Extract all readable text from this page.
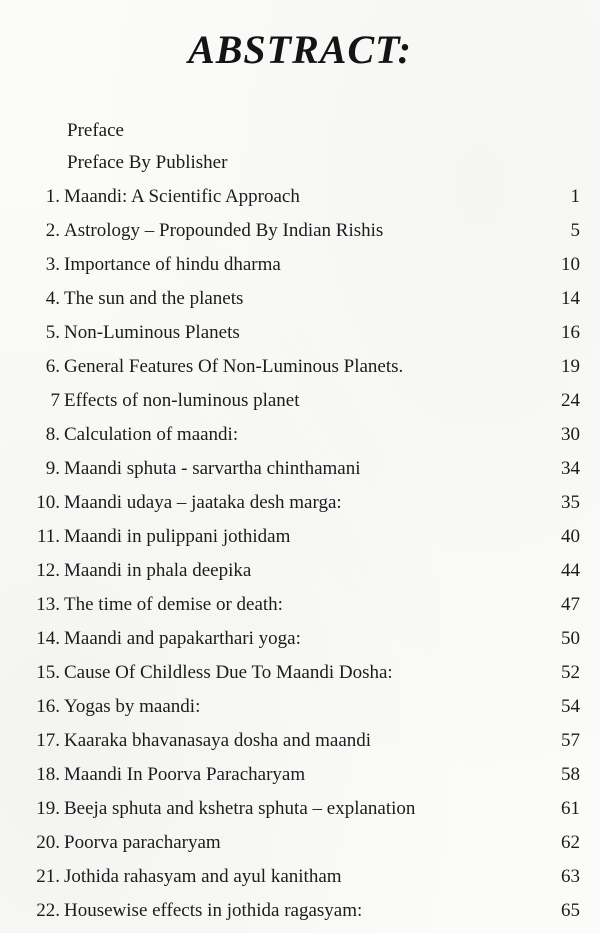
ABSTRACT:
Preface
Preface By Publisher
1. Maandi: A Scientific Approach	1
2. Astrology – Propounded By Indian Rishis	5
3. Importance of hindu dharma	10
4. The sun and the planets	14
5. Non-Luminous Planets	16
6. General Features Of Non-Luminous Planets.	19
7 Effects of non-luminous planet	24
8. Calculation of maandi:	30
9. Maandi sphuta - sarvartha chinthamani	34
10. Maandi udaya – jaataka desh marga:	35
11. Maandi in pulippani jothidam	40
12. Maandi in phala deepika	44
13. The time of demise or death:	47
14. Maandi and papakarthari yoga:	50
15. Cause Of Childless Due To Maandi Dosha:	52
16. Yogas by maandi:	54
17. Kaaraka bhavanasaya dosha and maandi	57
18. Maandi In Poorva Paracharyam	58
19. Beeja sphuta and kshetra sphuta – explanation	61
20. Poorva paracharyam	62
21. Jothida rahasyam and ayul kanitham	63
22. Housewise effects in jothida ragasyam:	65
